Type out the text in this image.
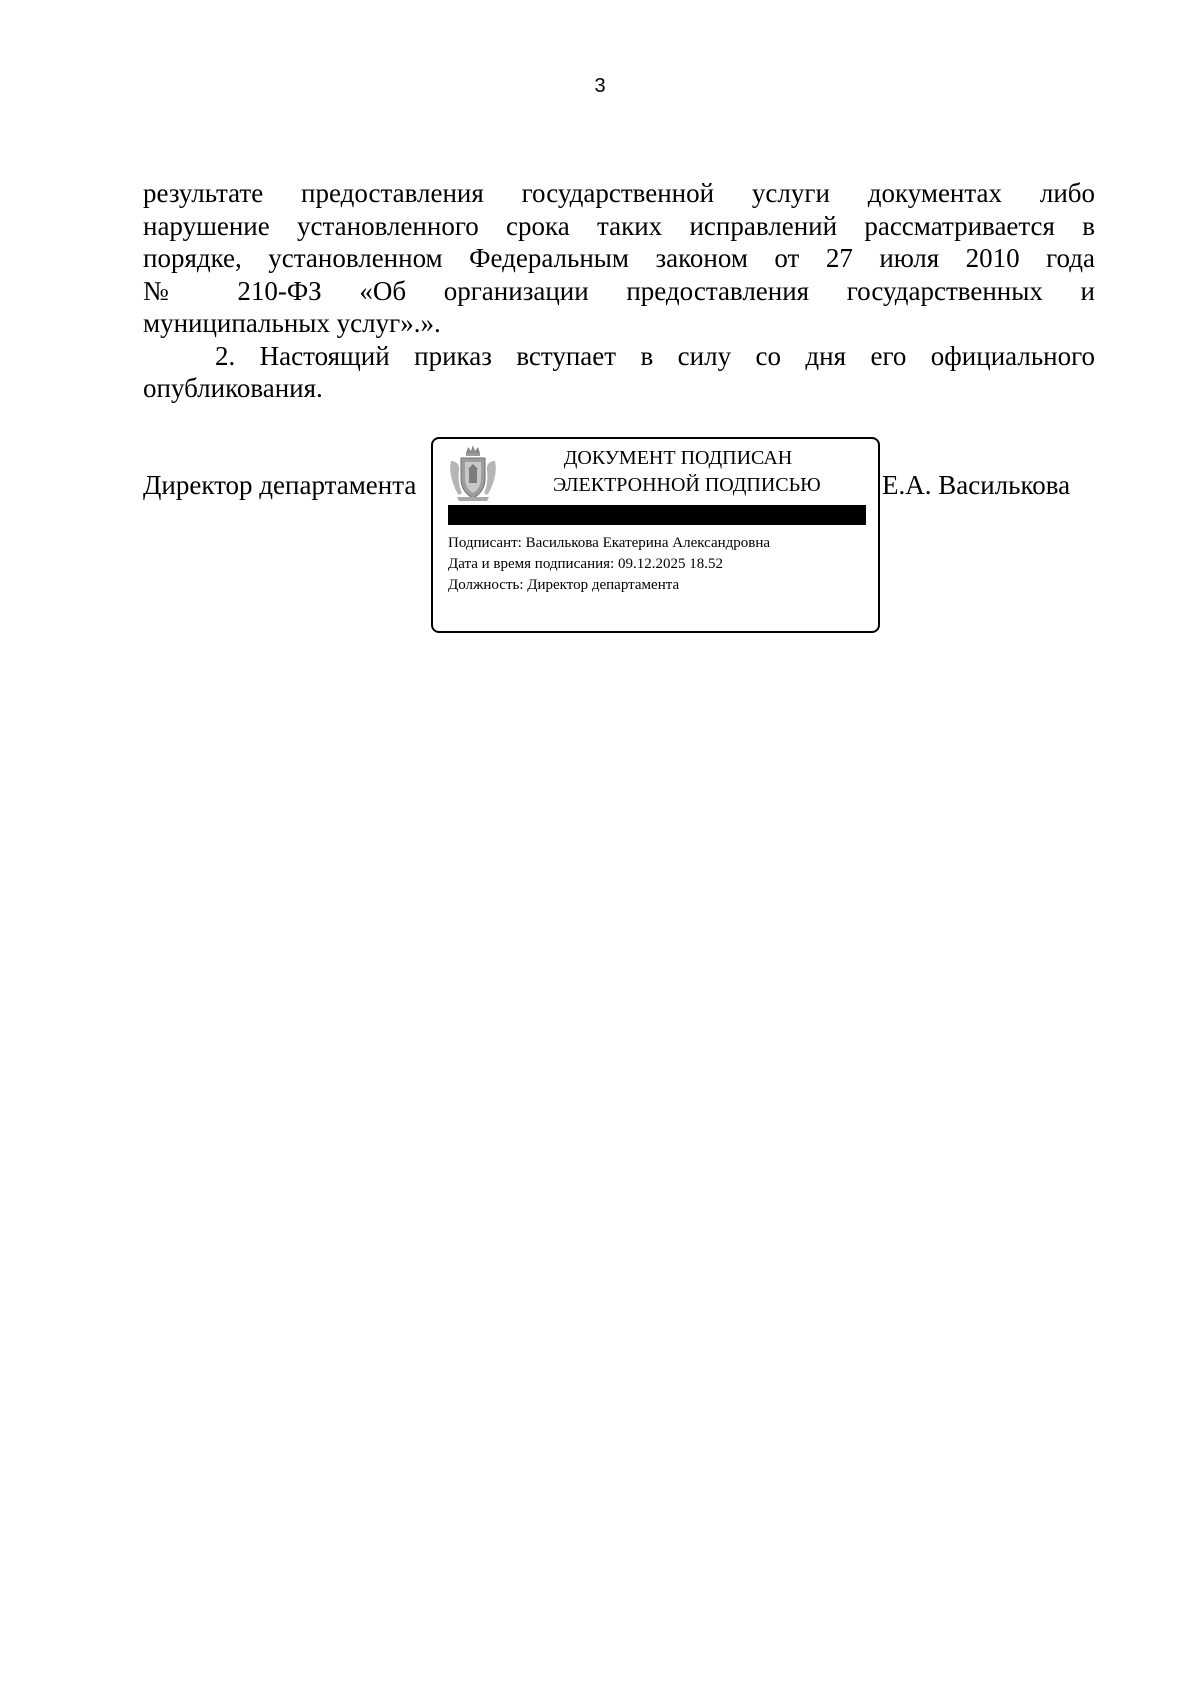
3
результате предоставления государственной услуги документах либо
нарушение установленного срока таких исправлений рассматривается в
порядке, установленном Федеральным законом от 27 июля 2010 года
№ 210-ФЗ «Об организации предоставления государственных и
муниципальных услуг».».
2. Настоящий приказ вступает в силу со дня его официального
опубликования.
Директор департамента	Е.А. Василькова
ДОКУМЕНТ ПОДПИСАН
ЭЛЕКТРОННОЙ ПОДПИСЬЮ
Подписант: Василькова Екатерина Александровна
Дата и время подписания: 09.12.2025 18.52
Должность: Директор департамента
